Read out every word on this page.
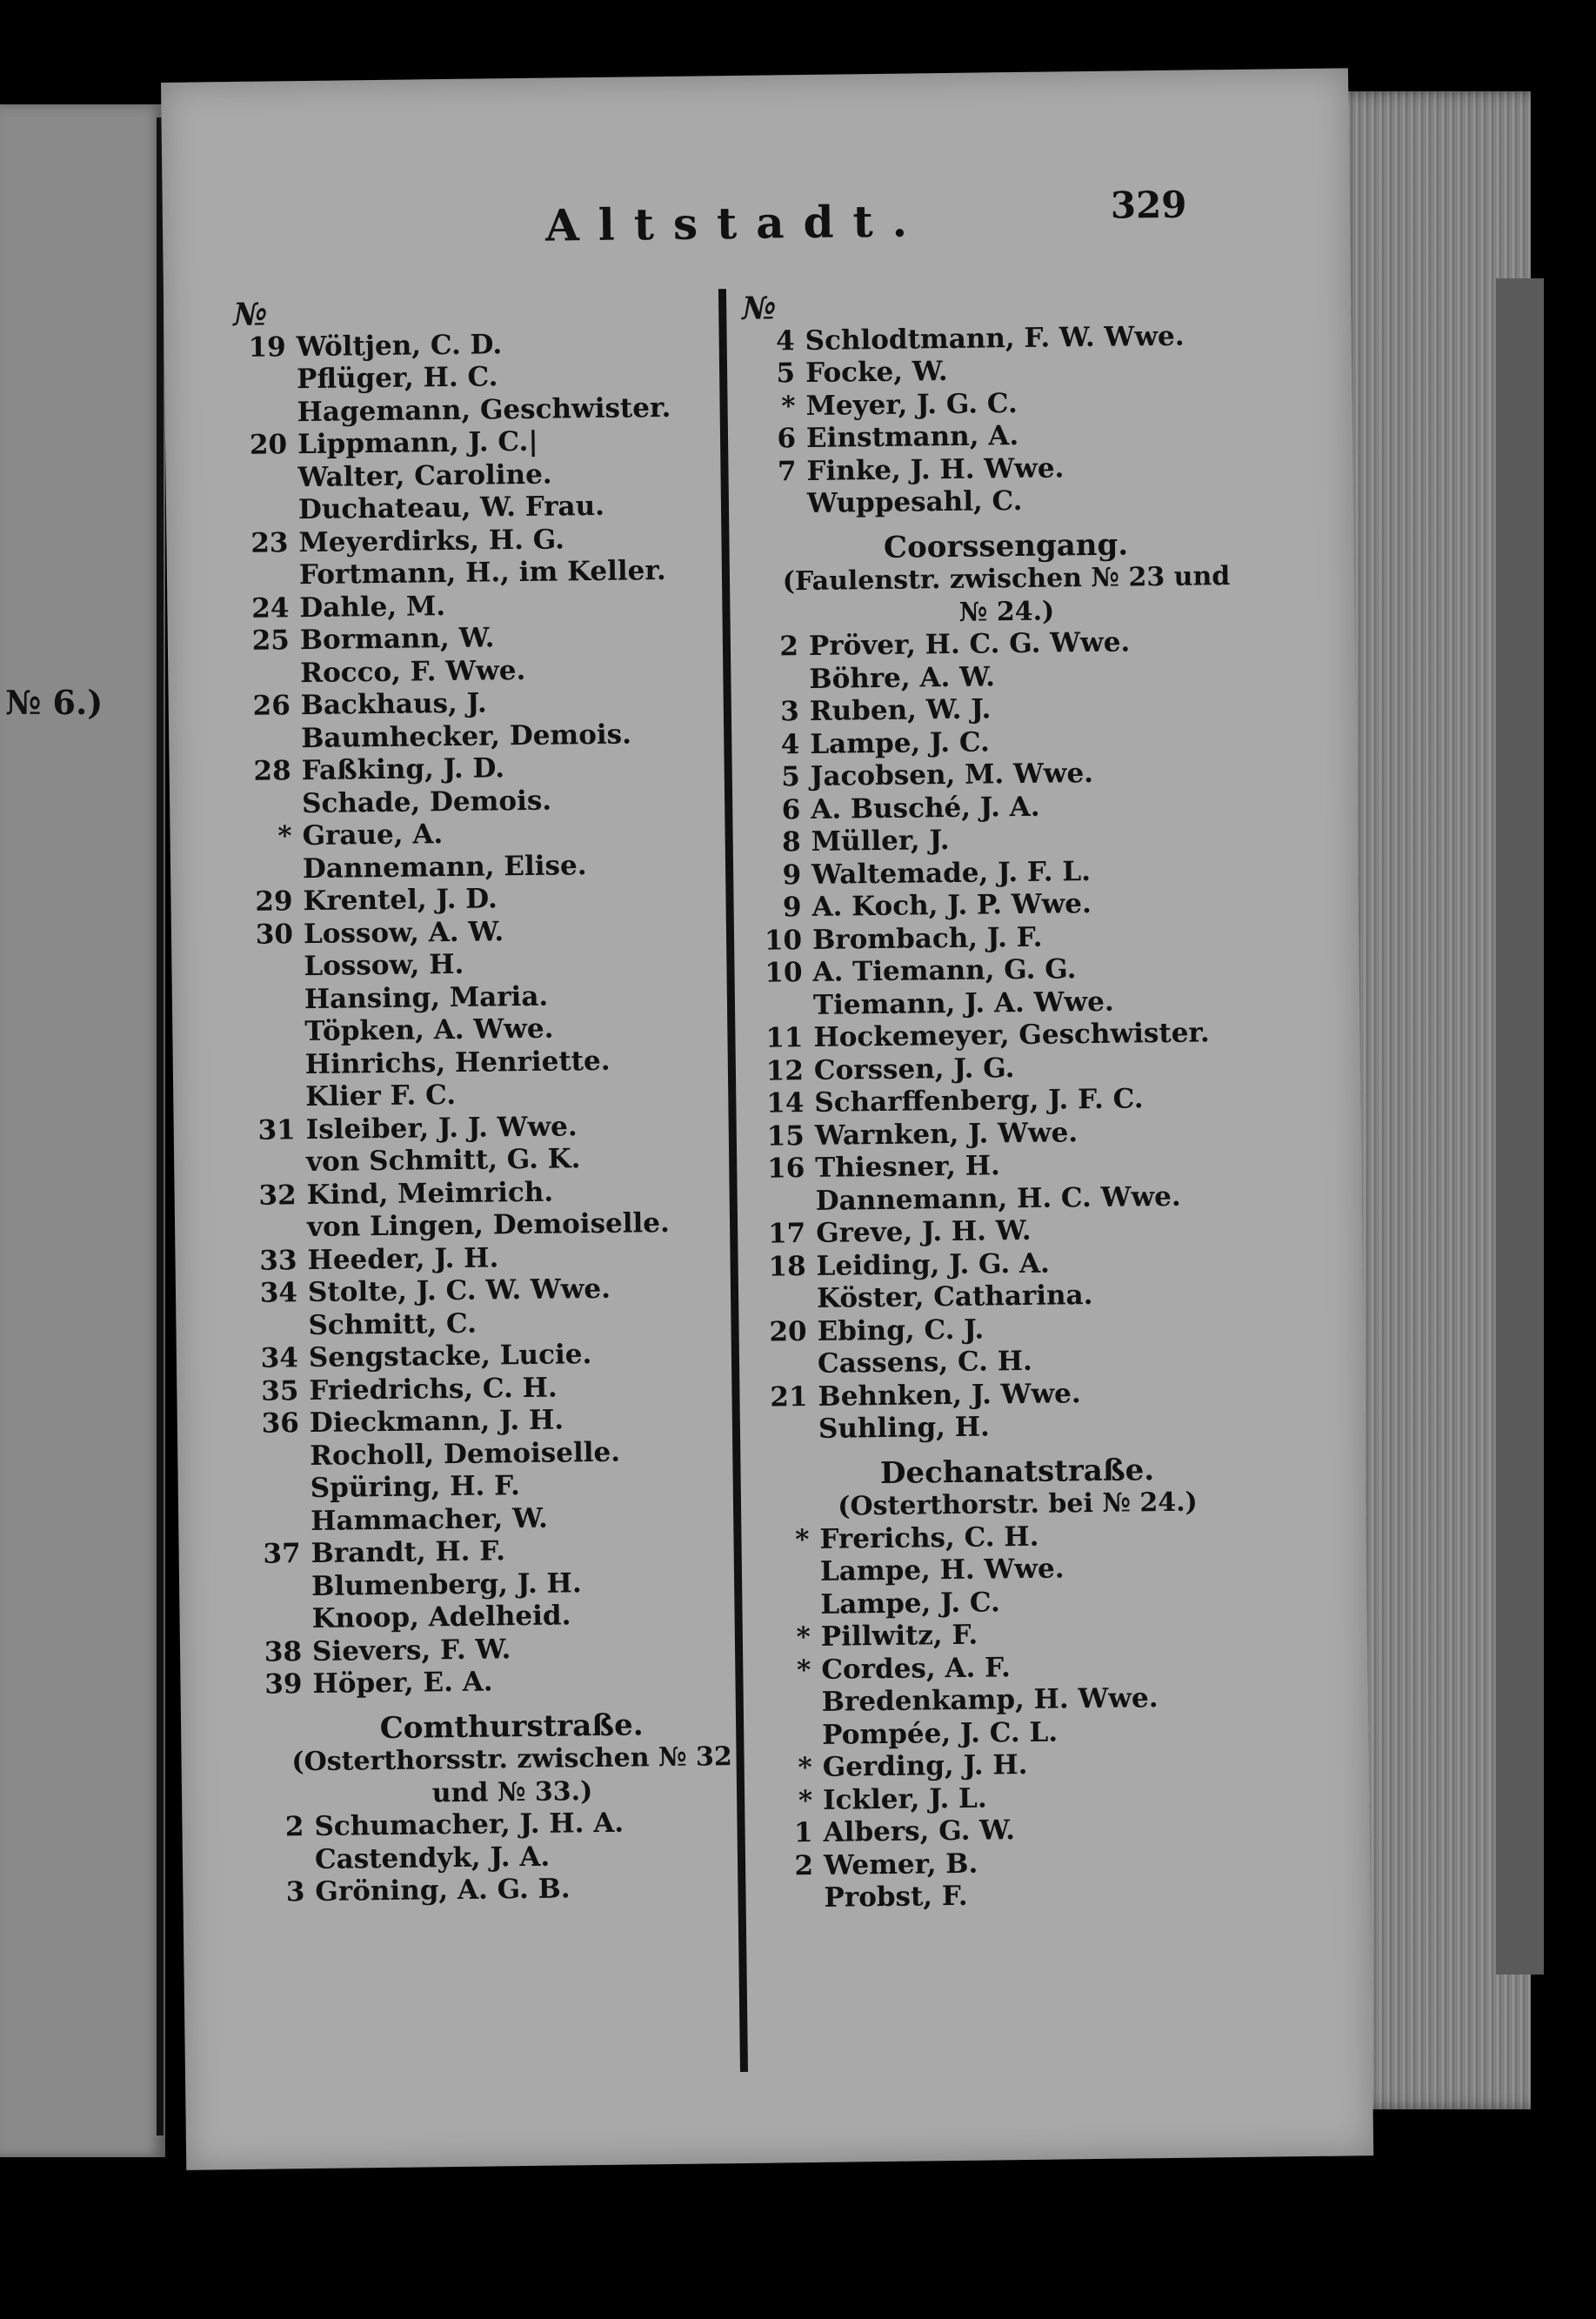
№ 6.)
Altstadt.	329
№
19 Wöltjen, C. D.
Pflüger, H. C.
Hagemann, Geschwister.
20 Lippmann, J. C.|
Walter, Caroline.
Duchateau, W. Frau.
23 Meyerdirks, H. G.
Fortmann, H., im Keller.
24 Dahle, M.
25 Bormann, W.
Rocco, F. Wwe.
26 Backhaus, J.
Baumhecker, Demois.
28 Faßking, J. D.
Schade, Demois.
* Graue, A.
Dannemann, Elise.
29 Krentel, J. D.
30 Lossow, A. W.
Lossow, H.
Hansing, Maria.
Töpken, A. Wwe.
Hinrichs, Henriette.
Klier F. C.
31 Isleiber, J. J. Wwe.
von Schmitt, G. K.
32 Kind, Meimrich.
von Lingen, Demoiselle.
33 Heeder, J. H.
34 Stolte, J. C. W. Wwe.
Schmitt, C.
34 Sengstacke, Lucie.
35 Friedrichs, C. H.
36 Dieckmann, J. H.
Rocholl, Demoiselle.
Spüring, H. F.
Hammacher, W.
37 Brandt, H. F.
Blumenberg, J. H.
Knoop, Adelheid.
38 Sievers, F. W.
39 Höper, E. A.
Comthurstraße.
(Osterthorsstr. zwischen № 32
und № 33.)
2 Schumacher, J. H. A.
Castendyk, J. A.
3 Gröning, A. G. B.
№
4 Schlodtmann, F. W. Wwe.
5 Focke, W.
* Meyer, J. G. C.
6 Einstmann, A.
7 Finke, J. H. Wwe.
Wuppesahl, C.
Coorssengang.
(Faulenstr. zwischen № 23 und
№ 24.)
2 Pröver, H. C. G. Wwe.
Böhre, A. W.
3 Ruben, W. J.
4 Lampe, J. C.
5 Jacobsen, M. Wwe.
6 A. Busché, J. A.
8 Müller, J.
9 Waltemade, J. F. L.
9 A. Koch, J. P. Wwe.
10 Brombach, J. F.
10 A. Tiemann, G. G.
Tiemann, J. A. Wwe.
11 Hockemeyer, Geschwister.
12 Corssen, J. G.
14 Scharffenberg, J. F. C.
15 Warnken, J. Wwe.
16 Thiesner, H.
Dannemann, H. C. Wwe.
17 Greve, J. H. W.
18 Leiding, J. G. A.
Köster, Catharina.
20 Ebing, C. J.
Cassens, C. H.
21 Behnken, J. Wwe.
Suhling, H.
Dechanatstraße.
(Osterthorstr. bei № 24.)
* Frerichs, C. H.
Lampe, H. Wwe.
Lampe, J. C.
* Pillwitz, F.
* Cordes, A. F.
Bredenkamp, H. Wwe.
Pompée, J. C. L.
* Gerding, J. H.
* Ickler, J. L.
1 Albers, G. W.
2 Wemer, B.
Probst, F.
